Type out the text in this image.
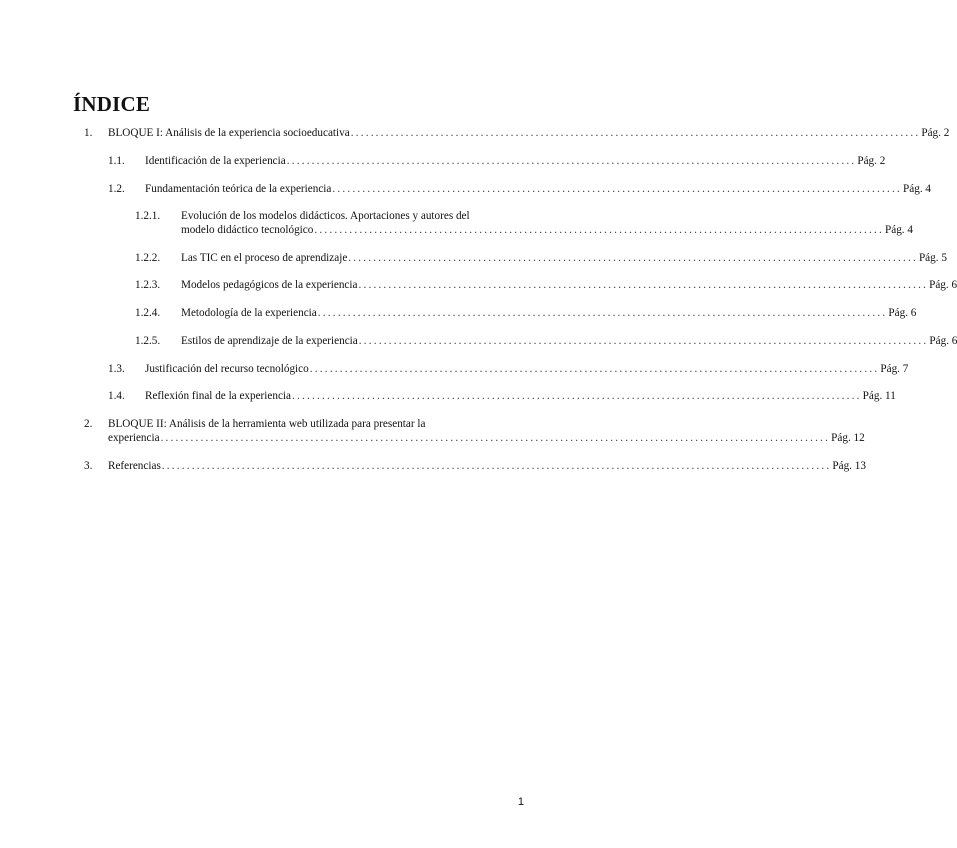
ÍNDICE
1. BLOQUE I: Análisis de la experiencia socioeducativa .................................................................................................................. Pág. 2
1.1. Identificación de la experiencia .................................................................................................................. Pág. 2
1.2. Fundamentación teórica de la experiencia .................................................................................................................. Pág. 4
1.2.1. Evolución de los modelos didácticos. Aportaciones y autores del
modelo didáctico tecnológico .................................................................................................................. Pág. 4
1.2.2. Las TIC en el proceso de aprendizaje .................................................................................................................. Pág. 5
1.2.3. Modelos pedagógicos de la experiencia .................................................................................................................. Pág. 6
1.2.4. Metodología de la experiencia .................................................................................................................. Pág. 6
1.2.5. Estilos de aprendizaje de la experiencia .................................................................................................................. Pág. 6
1.3. Justificación del recurso tecnológico .................................................................................................................. Pág. 7
1.4. Reflexión final de la experiencia .................................................................................................................. Pág. 11
2. BLOQUE II: Análisis de la herramienta web utilizada para presentar la
experiencia ...................................................................................................................................... Pág. 12
3. Referencias ...................................................................................................................................... Pág. 13
1
